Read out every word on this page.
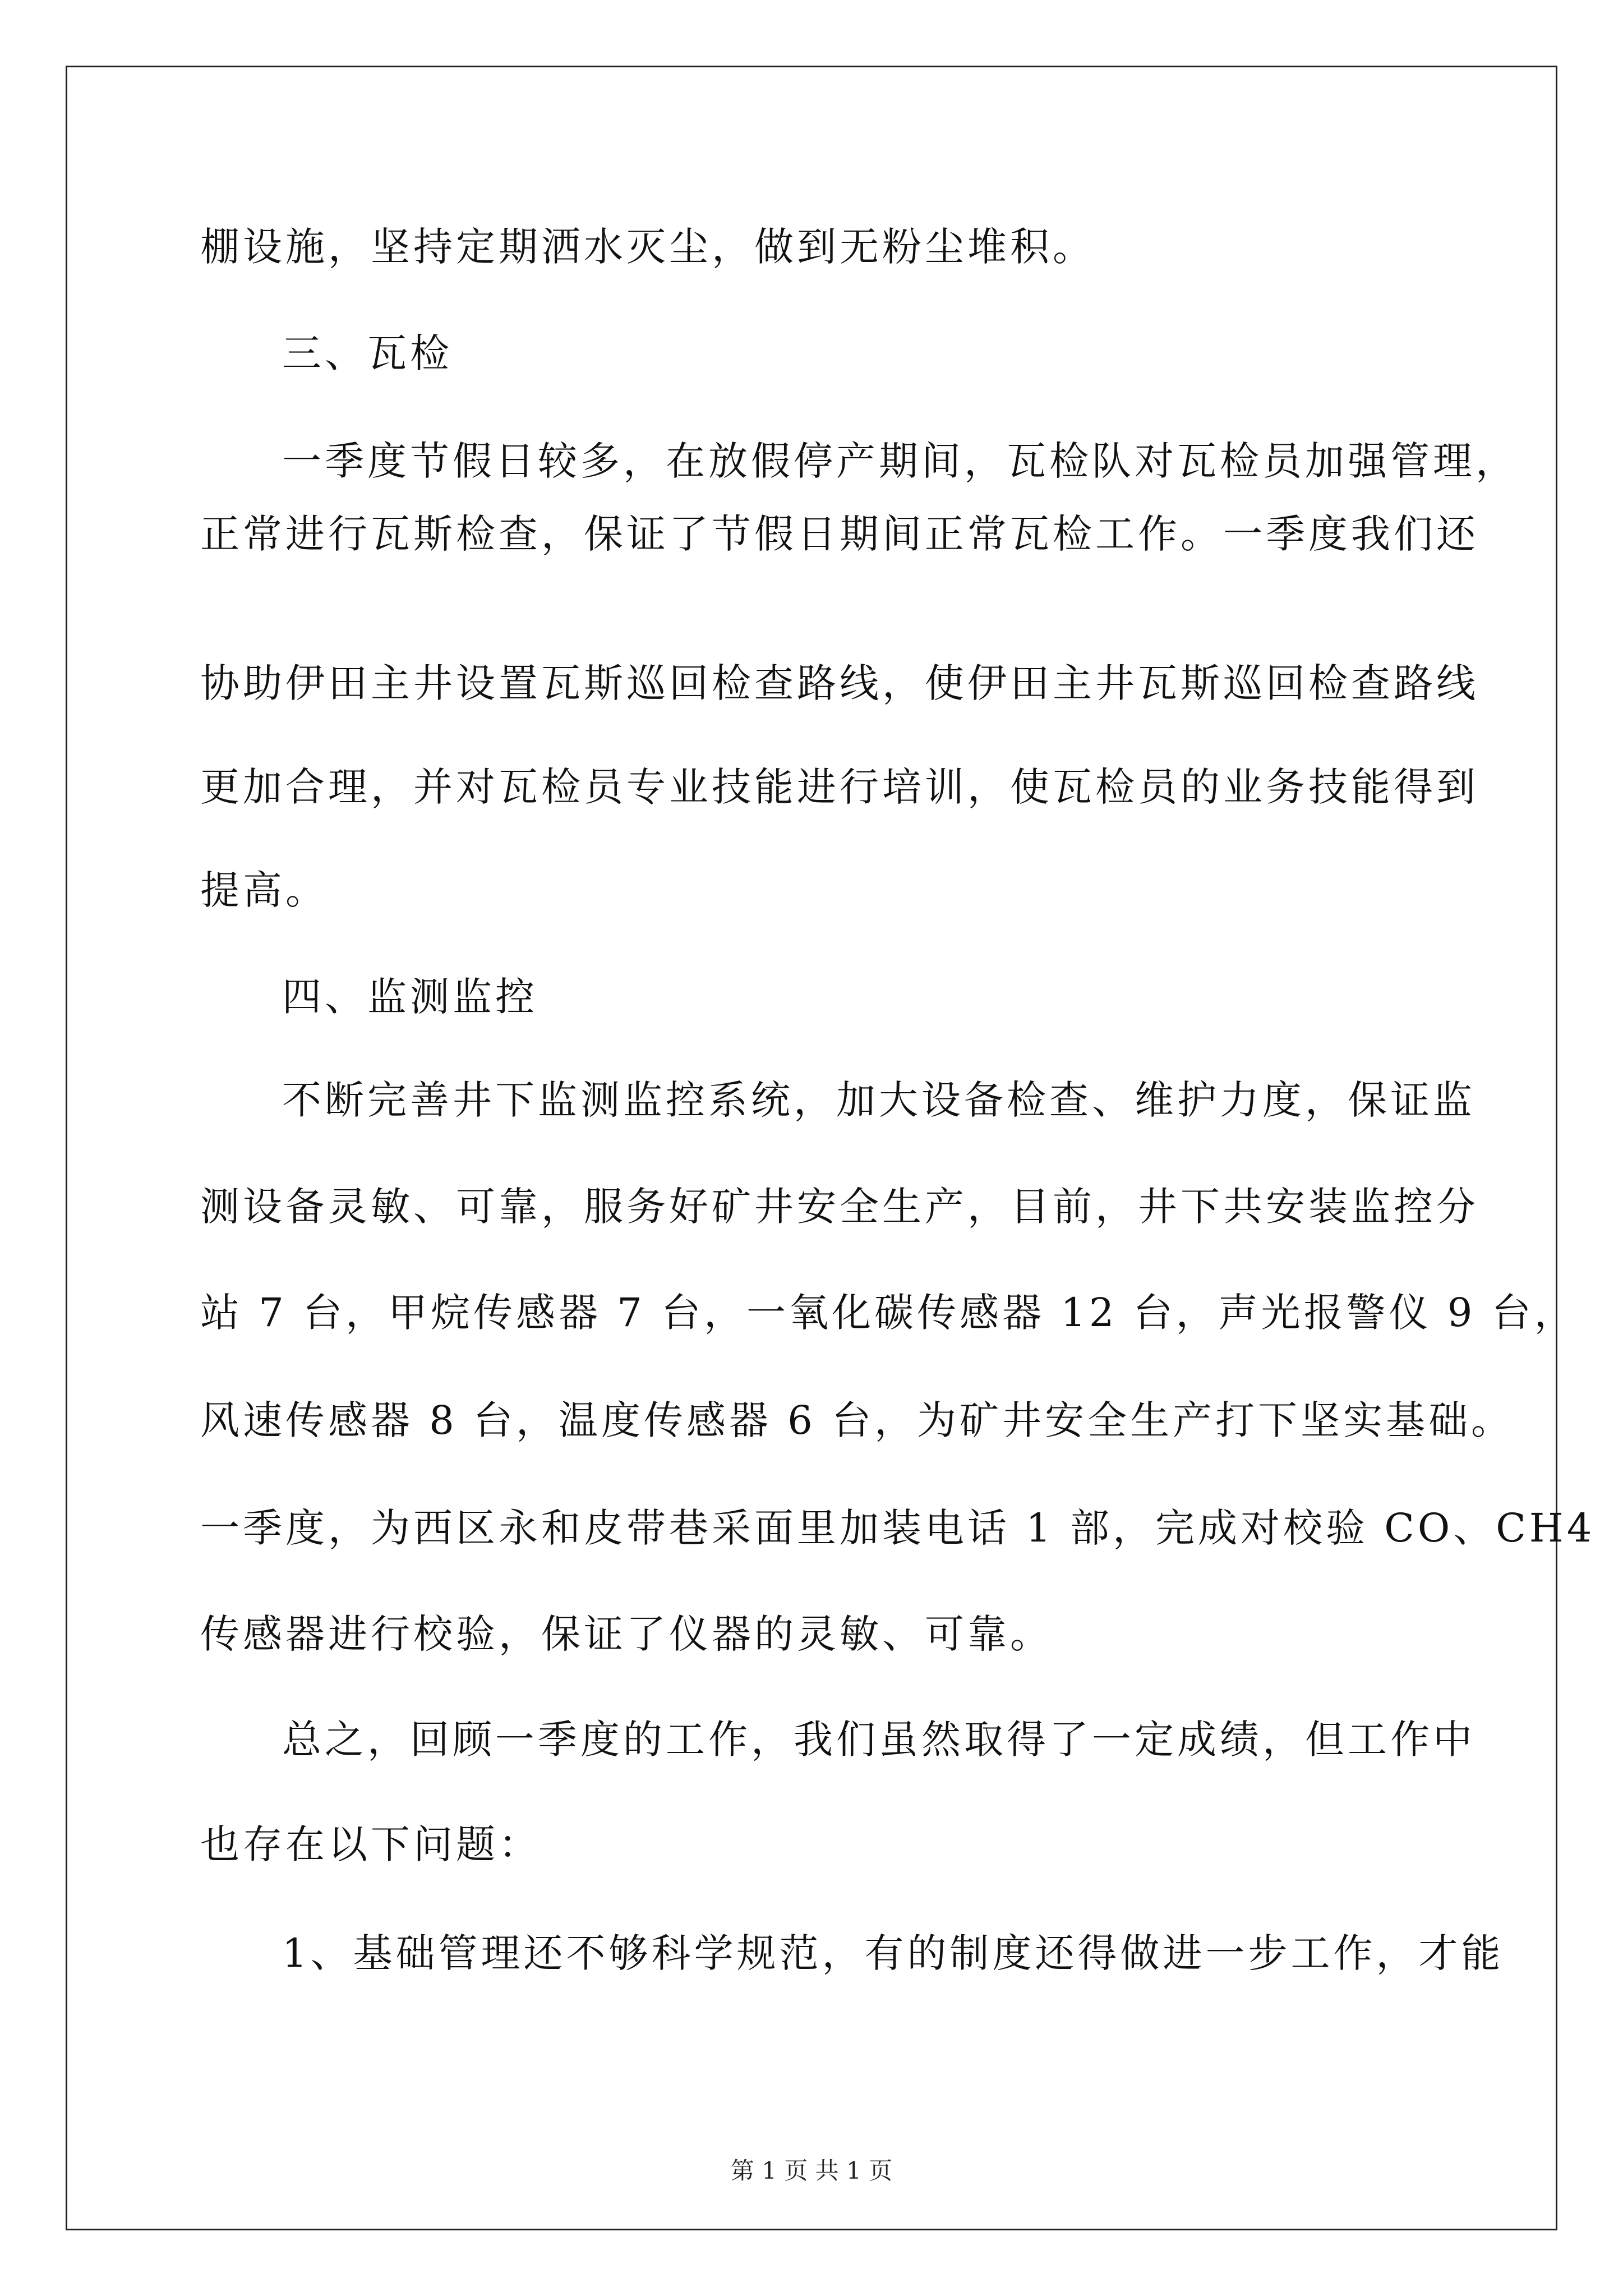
棚设施，坚持定期洒水灭尘，做到无粉尘堆积。
三、瓦检
一季度节假日较多，在放假停产期间，瓦检队对瓦检员加强管理，
正常进行瓦斯检查，保证了节假日期间正常瓦检工作。一季度我们还
协助伊田主井设置瓦斯巡回检查路线，使伊田主井瓦斯巡回检查路线
更加合理，并对瓦检员专业技能进行培训，使瓦检员的业务技能得到
提高。
四、监测监控
不断完善井下监测监控系统，加大设备检查、维护力度，保证监
测设备灵敏、可靠，服务好矿井安全生产，目前，井下共安装监控分
站 7 台，甲烷传感器 7 台，一氧化碳传感器 12 台，声光报警仪 9 台，
风速传感器 8 台，温度传感器 6 台，为矿井安全生产打下坚实基础。
一季度，为西区永和皮带巷采面里加装电话 1 部，完成对校验 CO、CH4
传感器进行校验，保证了仪器的灵敏、可靠。
总之，回顾一季度的工作，我们虽然取得了一定成绩，但工作中
也存在以下问题：
1、基础管理还不够科学规范，有的制度还得做进一步工作，才能
第 1 页 共 1 页
